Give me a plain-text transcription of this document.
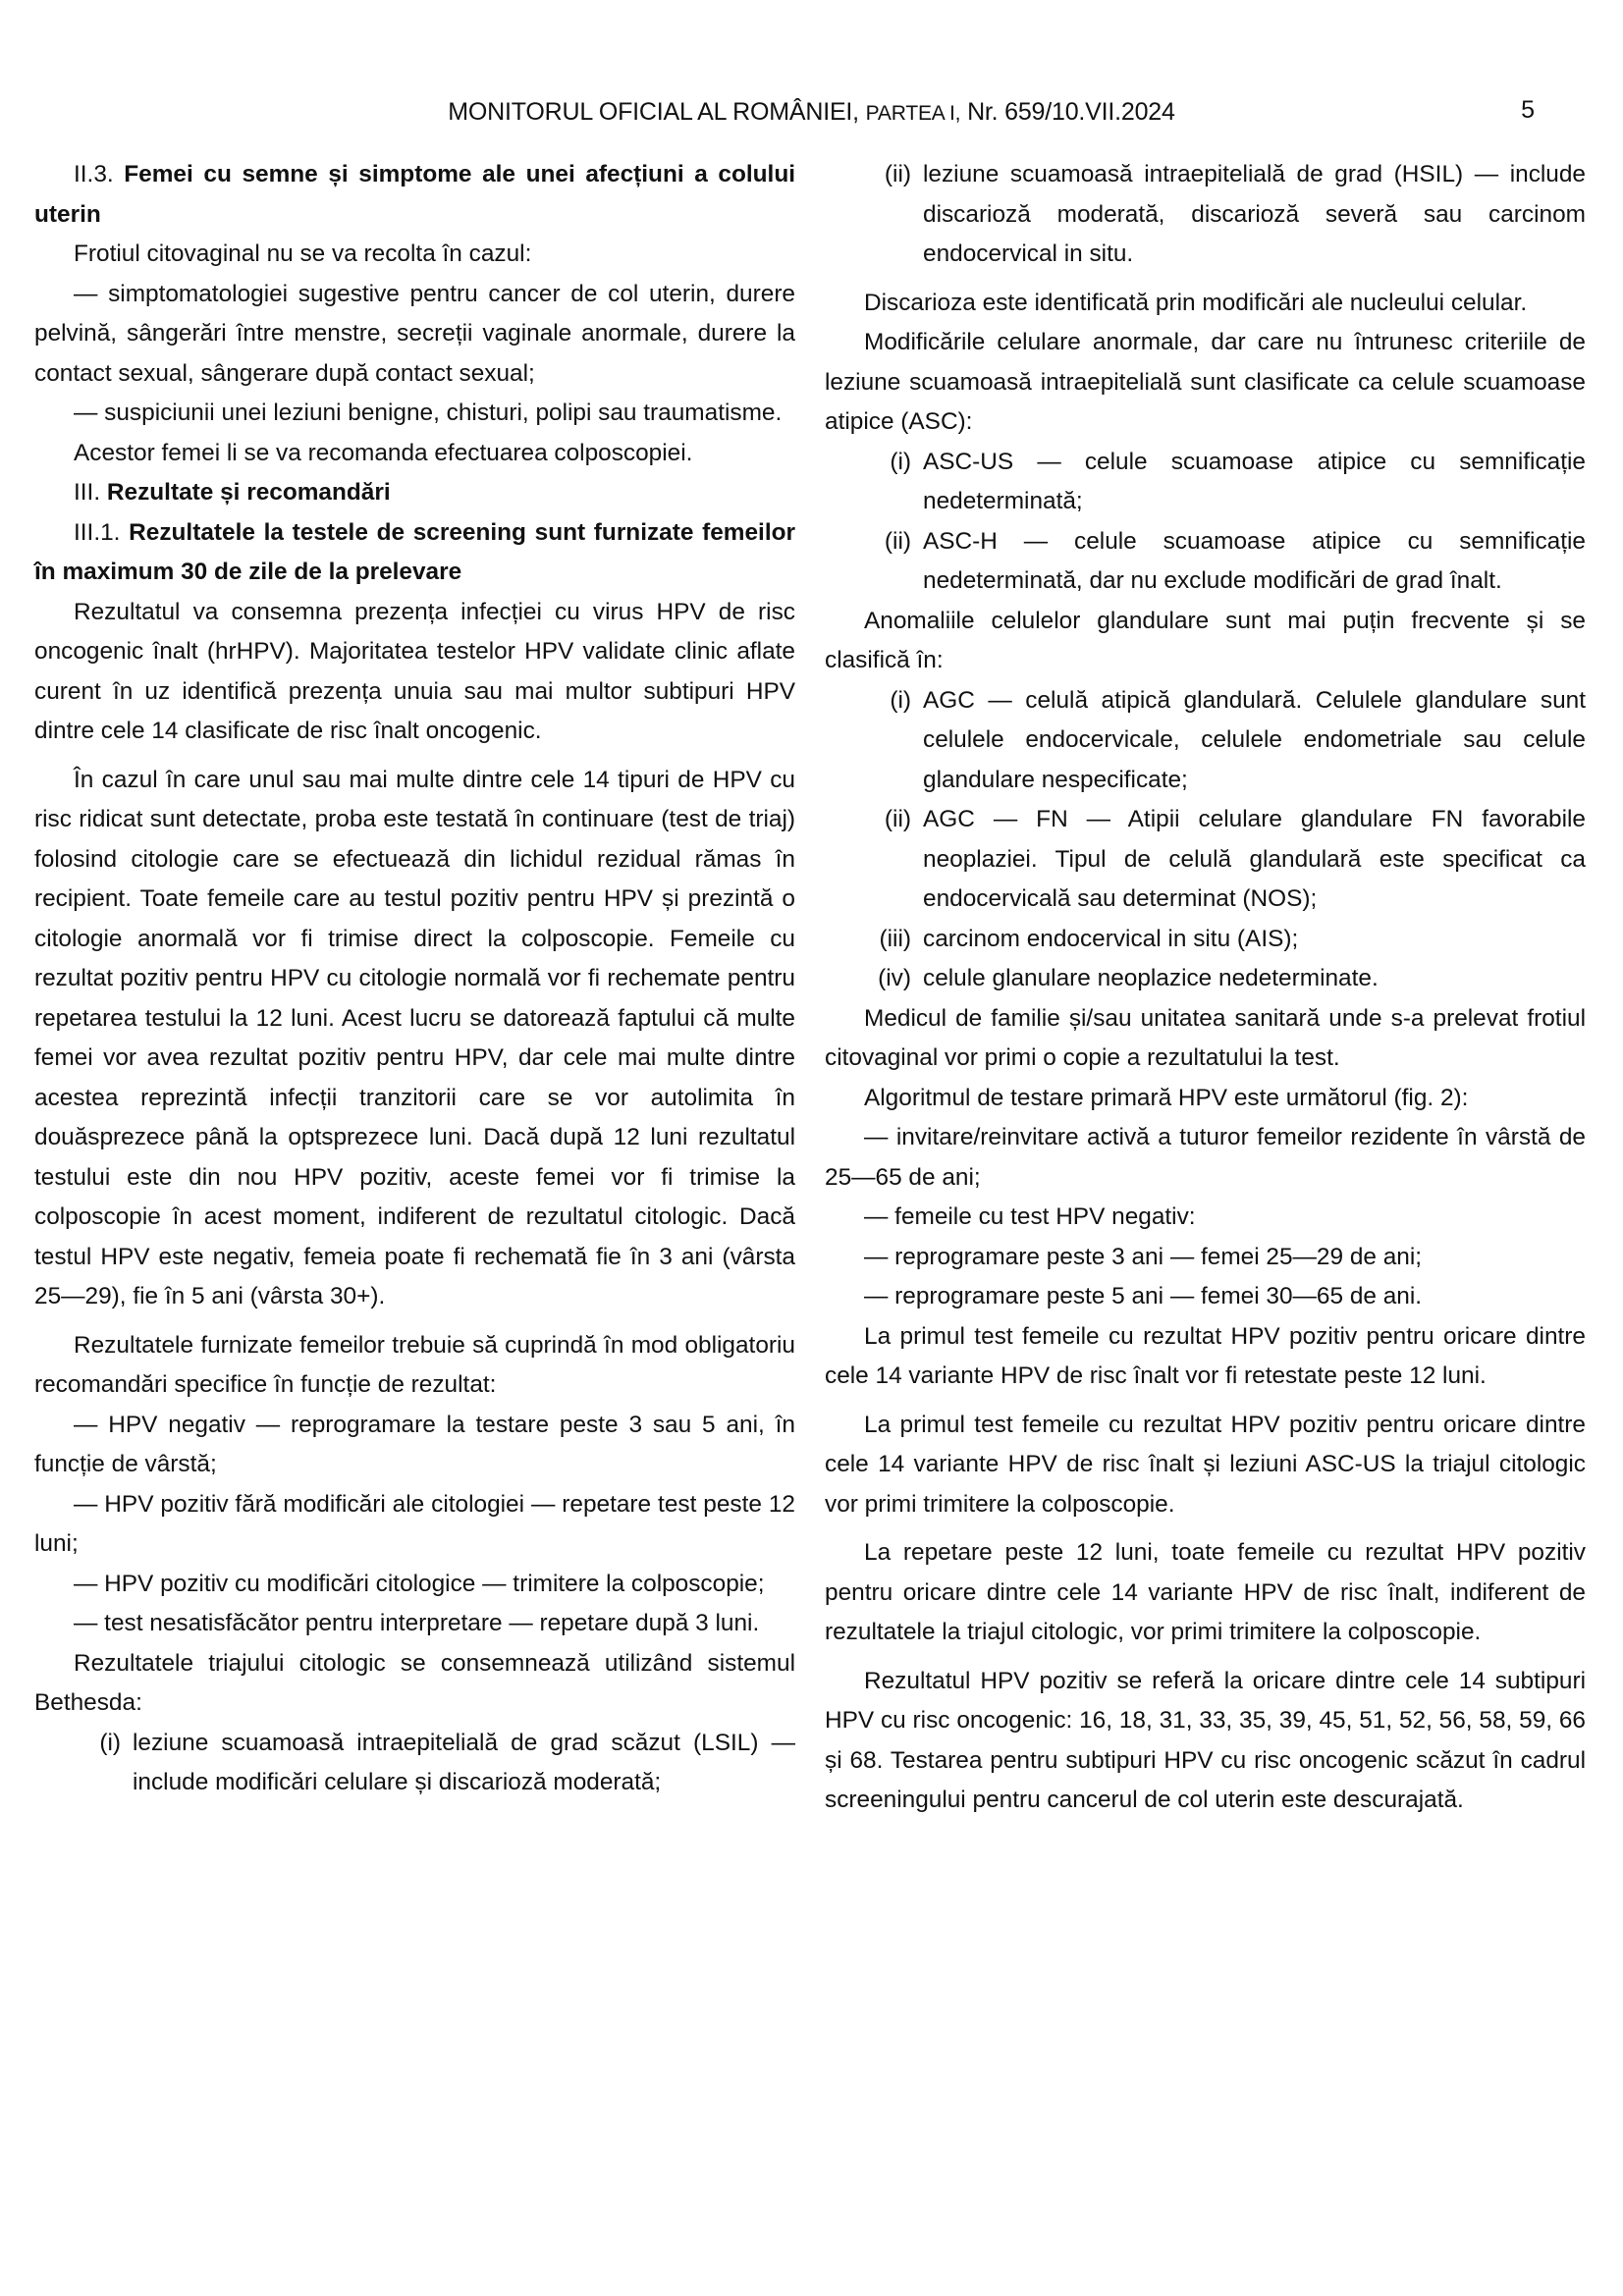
MONITORUL OFICIAL AL ROMÂNIEI, PARTEA I, Nr. 659/10.VII.2024	5

II.3. Femei cu semne și simptome ale unei afecțiuni a colului uterin

Frotiul citovaginal nu se va recolta în cazul:

— simptomatologiei sugestive pentru cancer de col uterin, durere pelvină, sângerări între menstre, secreții vaginale anormale, durere la contact sexual, sângerare după contact sexual;

— suspiciunii unei leziuni benigne, chisturi, polipi sau traumatisme.

Acestor femei li se va recomanda efectuarea colposcopiei.

III. Rezultate și recomandări

III.1. Rezultatele la testele de screening sunt furnizate femeilor în maximum 30 de zile de la prelevare

Rezultatul va consemna prezența infecției cu virus HPV de risc oncogenic înalt (hrHPV). Majoritatea testelor HPV validate clinic aflate curent în uz identifică prezența unuia sau mai multor subtipuri HPV dintre cele 14 clasificate de risc înalt oncogenic.

În cazul în care unul sau mai multe dintre cele 14 tipuri de HPV cu risc ridicat sunt detectate, proba este testată în continuare (test de triaj) folosind citologie care se efectuează din lichidul rezidual rămas în recipient. Toate femeile care au testul pozitiv pentru HPV și prezintă o citologie anormală vor fi trimise direct la colposcopie. Femeile cu rezultat pozitiv pentru HPV cu citologie normală vor fi rechemate pentru repetarea testului la 12 luni. Acest lucru se datorează faptului că multe femei vor avea rezultat pozitiv pentru HPV, dar cele mai multe dintre acestea reprezintă infecții tranzitorii care se vor autolimita în douăsprezece până la optsprezece luni. Dacă după 12 luni rezultatul testului este din nou HPV pozitiv, aceste femei vor fi trimise la colposcopie în acest moment, indiferent de rezultatul citologic. Dacă testul HPV este negativ, femeia poate fi rechemată fie în 3 ani (vârsta 25—29), fie în 5 ani (vârsta 30+).

Rezultatele furnizate femeilor trebuie să cuprindă în mod obligatoriu recomandări specifice în funcție de rezultat:

— HPV negativ — reprogramare la testare peste 3 sau 5 ani, în funcție de vârstă;

— HPV pozitiv fără modificări ale citologiei — repetare test peste 12 luni;

— HPV pozitiv cu modificări citologice — trimitere la colposcopie;

— test nesatisfăcător pentru interpretare — repetare după 3 luni.

Rezultatele triajului citologic se consemnează utilizând sistemul Bethesda:

(i) leziune scuamoasă intraepitelială de grad scăzut (LSIL) — include modificări celulare și discarioză moderată;
(ii) leziune scuamoasă intraepitelială de grad (HSIL) — include discarioză moderată, discarioză severă sau carcinom endocervical in situ.

Discarioza este identificată prin modificări ale nucleului celular.

Modificările celulare anormale, dar care nu întrunesc criteriile de leziune scuamoasă intraepitelială sunt clasificate ca celule scuamoase atipice (ASC):

(i) ASC-US — celule scuamoase atipice cu semnificație nedeterminată;
(ii) ASC-H — celule scuamoase atipice cu semnificație nedeterminată, dar nu exclude modificări de grad înalt.

Anomaliile celulelor glandulare sunt mai puțin frecvente și se clasifică în:

(i) AGC — celulă atipică glandulară. Celulele glandulare sunt celulele endocervicale, celulele endometriale sau celule glandulare nespecificate;
(ii) AGC — FN — Atipii celulare glandulare FN favorabile neoplaziei. Tipul de celulă glandulară este specificat ca endocervicală sau determinat (NOS);
(iii) carcinom endocervical in situ (AIS);
(iv) celule glanulare neoplazice nedeterminate.

Medicul de familie și/sau unitatea sanitară unde s-a prelevat frotiul citovaginal vor primi o copie a rezultatului la test.

Algoritmul de testare primară HPV este următorul (fig. 2):

— invitare/reinvitare activă a tuturor femeilor rezidente în vârstă de 25—65 de ani;

— femeile cu test HPV negativ:

— reprogramare peste 3 ani — femei 25—29 de ani;

— reprogramare peste 5 ani — femei 30—65 de ani.

La primul test femeile cu rezultat HPV pozitiv pentru oricare dintre cele 14 variante HPV de risc înalt vor fi retestate peste 12 luni.

La primul test femeile cu rezultat HPV pozitiv pentru oricare dintre cele 14 variante HPV de risc înalt și leziuni ASC-US la triajul citologic vor primi trimitere la colposcopie.

La repetare peste 12 luni, toate femeile cu rezultat HPV pozitiv pentru oricare dintre cele 14 variante HPV de risc înalt, indiferent de rezultatele la triajul citologic, vor primi trimitere la colposcopie.

Rezultatul HPV pozitiv se referă la oricare dintre cele 14 subtipuri HPV cu risc oncogenic: 16, 18, 31, 33, 35, 39, 45, 51, 52, 56, 58, 59, 66 și 68. Testarea pentru subtipuri HPV cu risc oncogenic scăzut în cadrul screeningului pentru cancerul de col uterin este descurajată.
